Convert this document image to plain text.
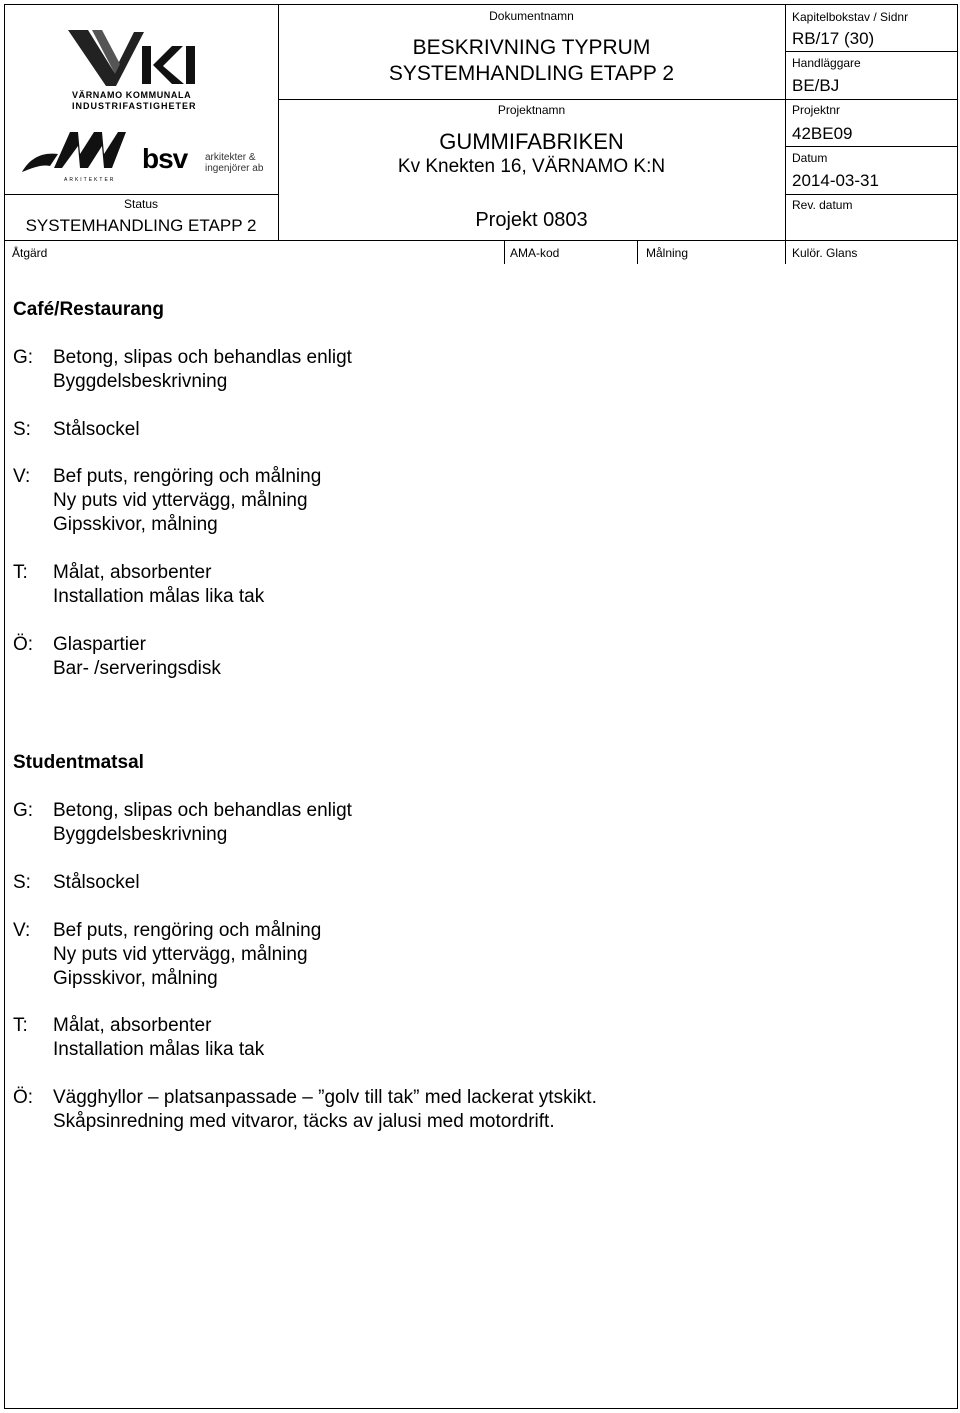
VÄRNAMO KOMMUNALA
INDUSTRIFASTIGHETER
ARKITEKTER
bsv arkitekter &
ingenjörer ab
Status
SYSTEMHANDLING ETAPP 2
Dokumentnamn
BESKRIVNING TYPRUM
SYSTEMHANDLING ETAPP 2
Projektnamn
GUMMIFABRIKEN
Kv Knekten 16, VÄRNAMO K:N
Projekt 0803
Kapitelbokstav / Sidnr
RB/17 (30)
Handläggare
BE/BJ
Projektnr
42BE09
Datum
2014-03-31
Rev. datum
Åtgärd	AMA-kod	Målning	Kulör. Glans
Café/Restaurang
G:	Betong, slipas och behandlas enligt
Byggdelsbeskrivning
S:	Stålsockel
V:	Bef puts, rengöring och målning
Ny puts vid yttervägg, målning
Gipsskivor, målning
T:	Målat, absorbenter
Installation målas lika tak
Ö:	Glaspartier
Bar- /serveringsdisk
Studentmatsal
G:	Betong, slipas och behandlas enligt
Byggdelsbeskrivning
S:	Stålsockel
V:	Bef puts, rengöring och målning
Ny puts vid yttervägg, målning
Gipsskivor, målning
T:	Målat, absorbenter
Installation målas lika tak
Ö:	Vägghyllor – platsanpassade – ”golv till tak” med lackerat ytskikt.
Skåpsinredning med vitvaror, täcks av jalusi med motordrift.
